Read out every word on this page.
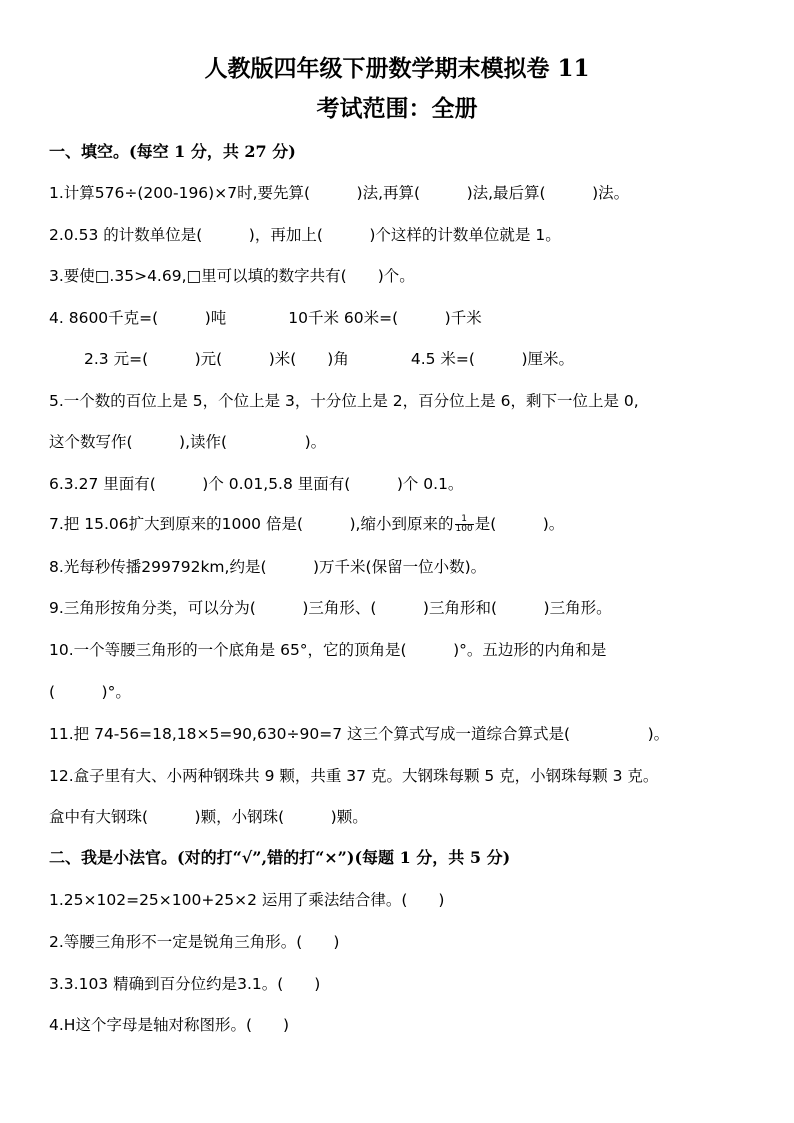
人教版四年级下册数学期末模拟卷 11
考试范围：全册
一、填空。(每空 1 分，共 27 分)
1.计算576÷(200-196)×7时,要先算(　　　)法,再算(　　　)法,最后算(　　　)法。
2.0.53 的计数单位是(　　　)，再加上(　　　)个这样的计数单位就是 1。
3.要使□.35>4.69,□里可以填的数字共有(　　)个。
4. 8600千克=(　　　)吨　　　　10千米 60米=(　　　)千米
2.3 元=(　　　)元(　　　)米(　　)角　　　　4.5 米=(　　　)厘米。
5.一个数的百位上是 5，个位上是 3，十分位上是 2，百分位上是 6，剩下一位上是 0,
这个数写作(　　　),读作(　　　　　)。
6.3.27 里面有(　　　)个 0.01,5.8 里面有(　　　)个 0.1。
7.把 15.06扩大到原来的1000 倍是(　　　),缩小到原来的 $\frac{1}{100}$ 是(　　　)。
8.光每秒传播299792km,约是(　　　)万千米(保留一位小数)。
9.三角形按角分类，可以分为(　　　)三角形、(　　　)三角形和(　　　)三角形。
10.一个等腰三角形的一个底角是 65°，它的顶角是(　　　)°。五边形的内角和是
(　　　)°。
11.把 74-56=18,18×5=90,630÷90=7 这三个算式写成一道综合算式是(　　　　　)。
12.盒子里有大、小两种钢珠共 9 颗，共重 37 克。大钢珠每颗 5 克，小钢珠每颗 3 克。
盒中有大钢珠(　　　)颗，小钢珠(　　　)颗。
二、我是小法官。(对的打“√”,错的打“×”)(每题 1 分，共 5 分)
1.25×102=25×100+25×2 运用了乘法结合律。(　　)
2.等腰三角形不一定是锐角三角形。(　　)
3.3.103 精确到百分位约是3.1。(　　)
4.H这个字母是轴对称图形。(　　)
